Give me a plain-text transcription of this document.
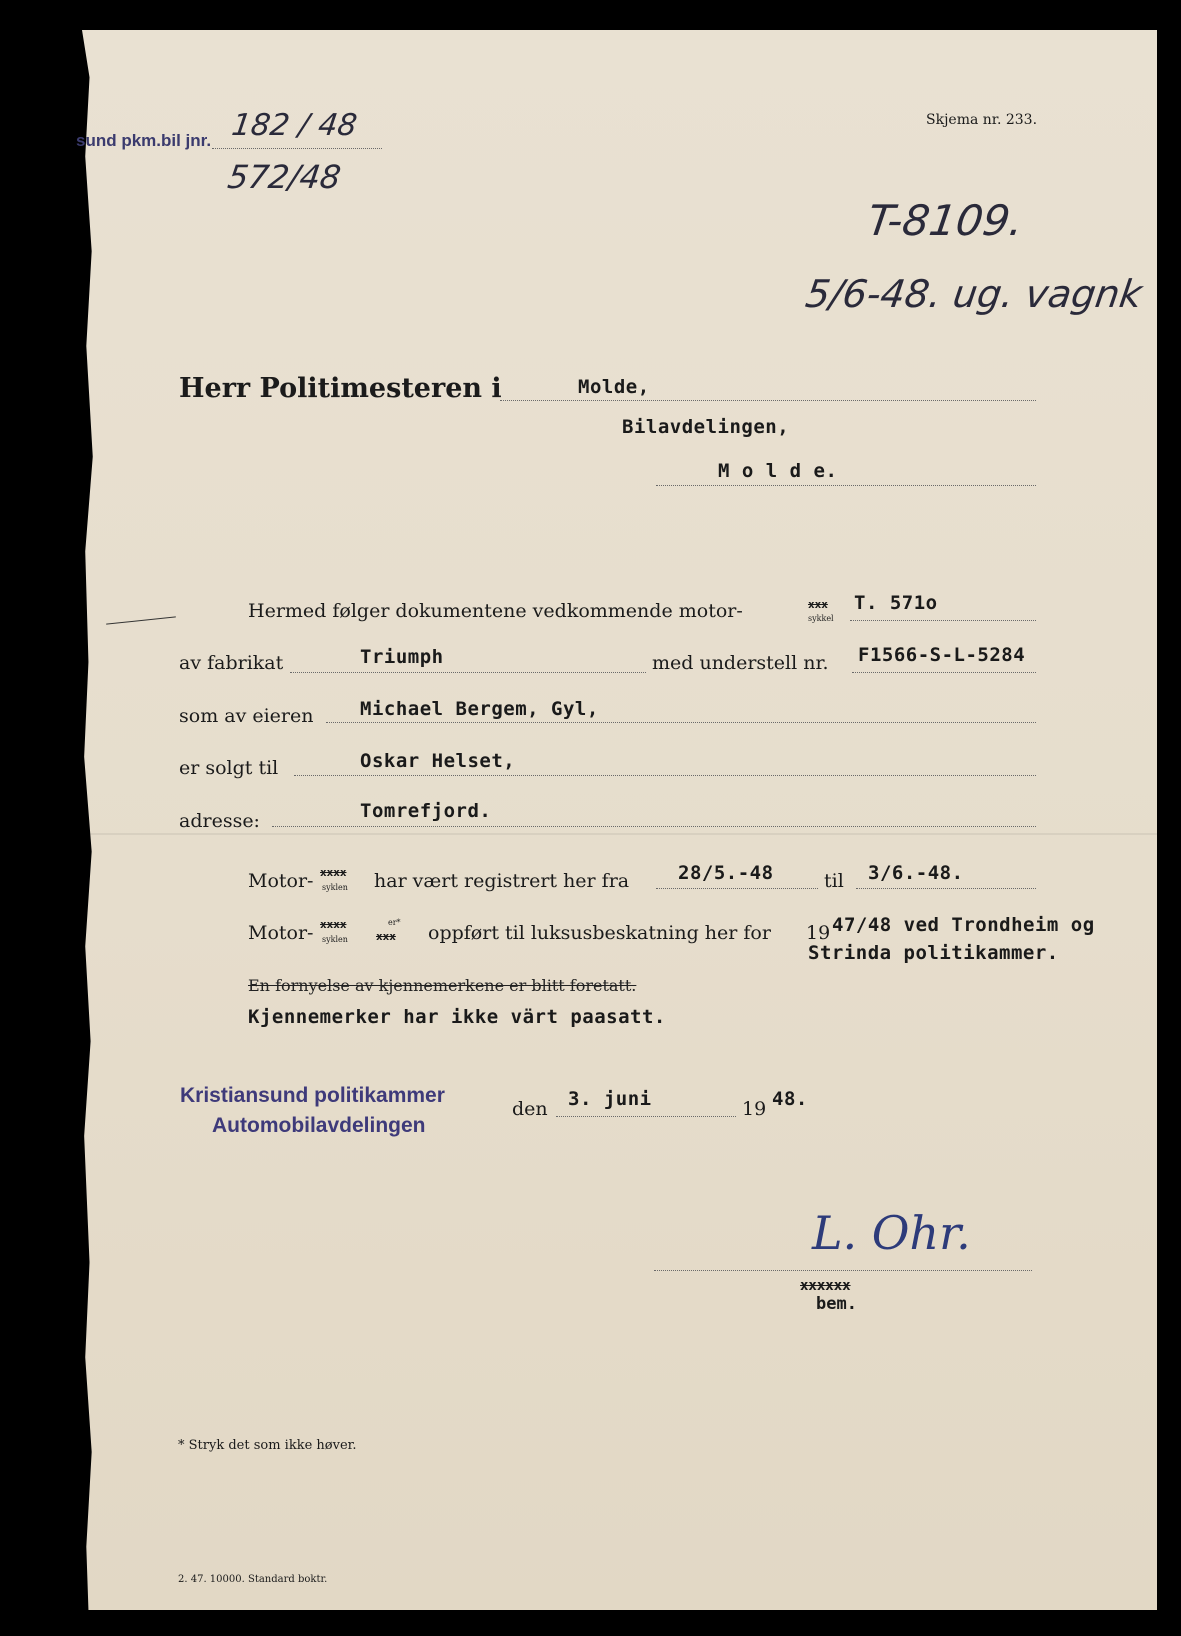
sund pkm.bil jnr. 182 / 48
572/48
Skjema nr. 233.
T-8109.
5/6-48. ug. vagnk
Herr Politimesteren i	Molde,
Bilavdelingen,
M o l d e.
Hermed følger dokumentene vedkommende motor-	xxx
sykkel
T. 571o
av fabrikat	Triumph	med understell nr. F1566-S-L-5284
som av eieren Michael Bergem, Gyl,
er solgt til	Oskar Helset,
adresse:	Tomrefjord.
Motor- xxxx
syklen har vært registrert her fra	28/5.-48	til 3/6.-48.
Motor- xxxx
syklen
er*
xxx oppført til luksusbeskatning her for 19 47/48 ved Trondheim og
Strinda politikammer.
En fornyelse av kjennemerkene er blitt foretatt.
Kjennemerker har ikke värt paasatt.
Kristiansund politikammer
Automobilavdelingen
den 3. juni	19 48.
L. Ohr.
xxxxxx
bem.
* Stryk det som ikke høver.
2. 47. 10000. Standard boktr.
